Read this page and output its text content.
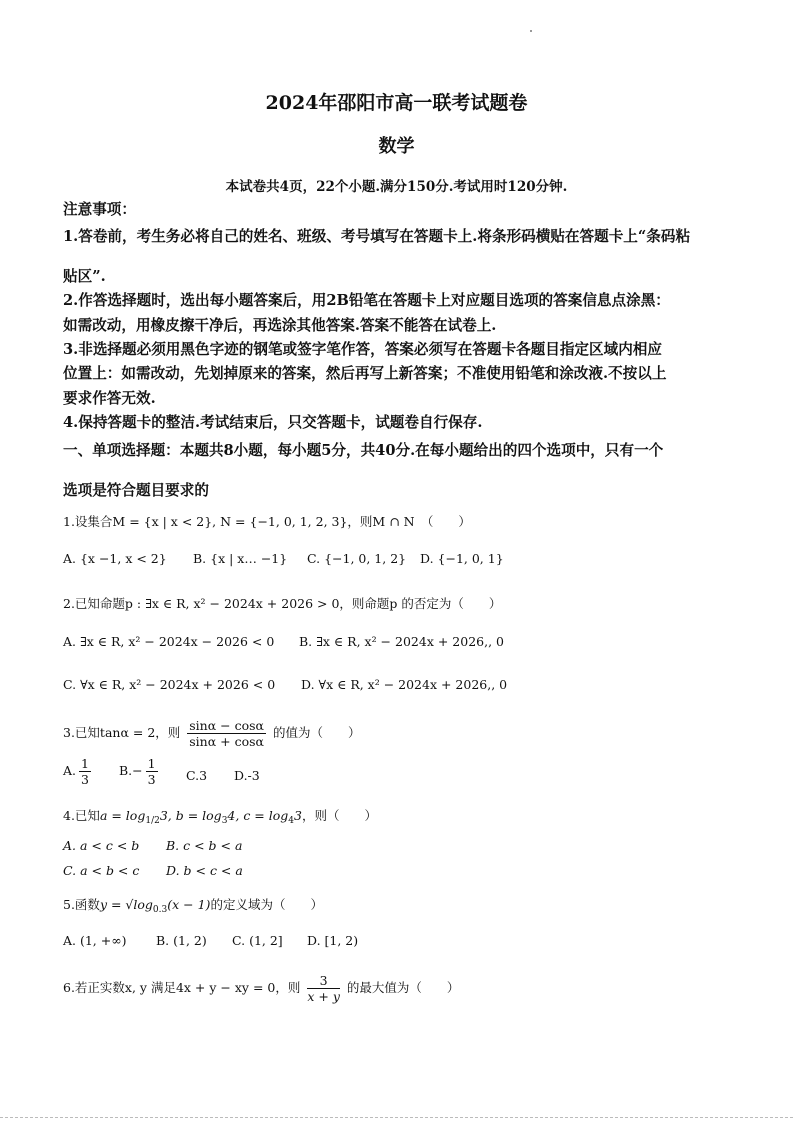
2024年邵阳市高一联考试题卷
数学
本试卷共4页，22个小题.满分150分.考试用时120分钟.
注意事项：
1.答卷前，考生务必将自己的姓名、班级、考号填写在答题卡上.将条形码横贴在答题卡上“条码粘
贴区”.
2.作答选择题时，选出每小题答案后，用2B铅笔在答题卡上对应题目选项的答案信息点涂黑：
如需改动，用橡皮擦干净后，再选涂其他答案.答案不能答在试卷上.
3.非选择题必须用黑色字迹的钢笔或签字笔作答，答案必须写在答题卡各题目指定区域内相应
位置上：如需改动，先划掉原来的答案，然后再写上新答案；不准使用铅笔和涂改液.不按以上
要求作答无效.
4.保持答题卡的整洁.考试结束后，只交答题卡，试题卷自行保存.
一、单项选择题：本题共8小题，每小题5分，共40分.在每小题给出的四个选项中，只有一个
选项是符合题目要求的
1.设集合M = {x | x < 2}, N = {−1, 0, 1, 2, 3}，则M ∩ N　（　　）
A. {x −1, x < 2} B. {x | x… −1} C. {−1, 0, 1, 2} D. {−1, 0, 1}
2.已知命题p : ∃x ∈ R, x² − 2024x + 2026 > 0，则命题p 的否定为（　　）
A. ∃x ∈ R, x² − 2024x − 2026 < 0 B. ∃x ∈ R, x² − 2024x + 2026,, 0
C. ∀x ∈ R, x² − 2024x + 2026 < 0 D. ∀x ∈ R, x² − 2024x + 2026,, 0
3.已知tanα = 2，则 $\frac{\sin\alpha - \cos\alpha}{\sin\alpha + \cos\alpha}$ 的值为（　　）
A. $\frac{1}{3} B.- \frac{1}{3} C.3$ D.-3
4.已知$a = \log_{1/2}3$, $b = \log_34$, $c = \log_43$，则（　　）
A. a < c < b B. c < b < a
C. a < b < c D. b < c < a
5.函数$y = √\log_{0.3}(x - 1)$的定义域为（　　）
A. (1, +∞) B. (1, 2) C. (1, 2] D. [1, 2)
6.若正实数x, y 满足4x + y − xy = 0，则 $\frac{3}{x + y}$ 的最大值为（　　）
